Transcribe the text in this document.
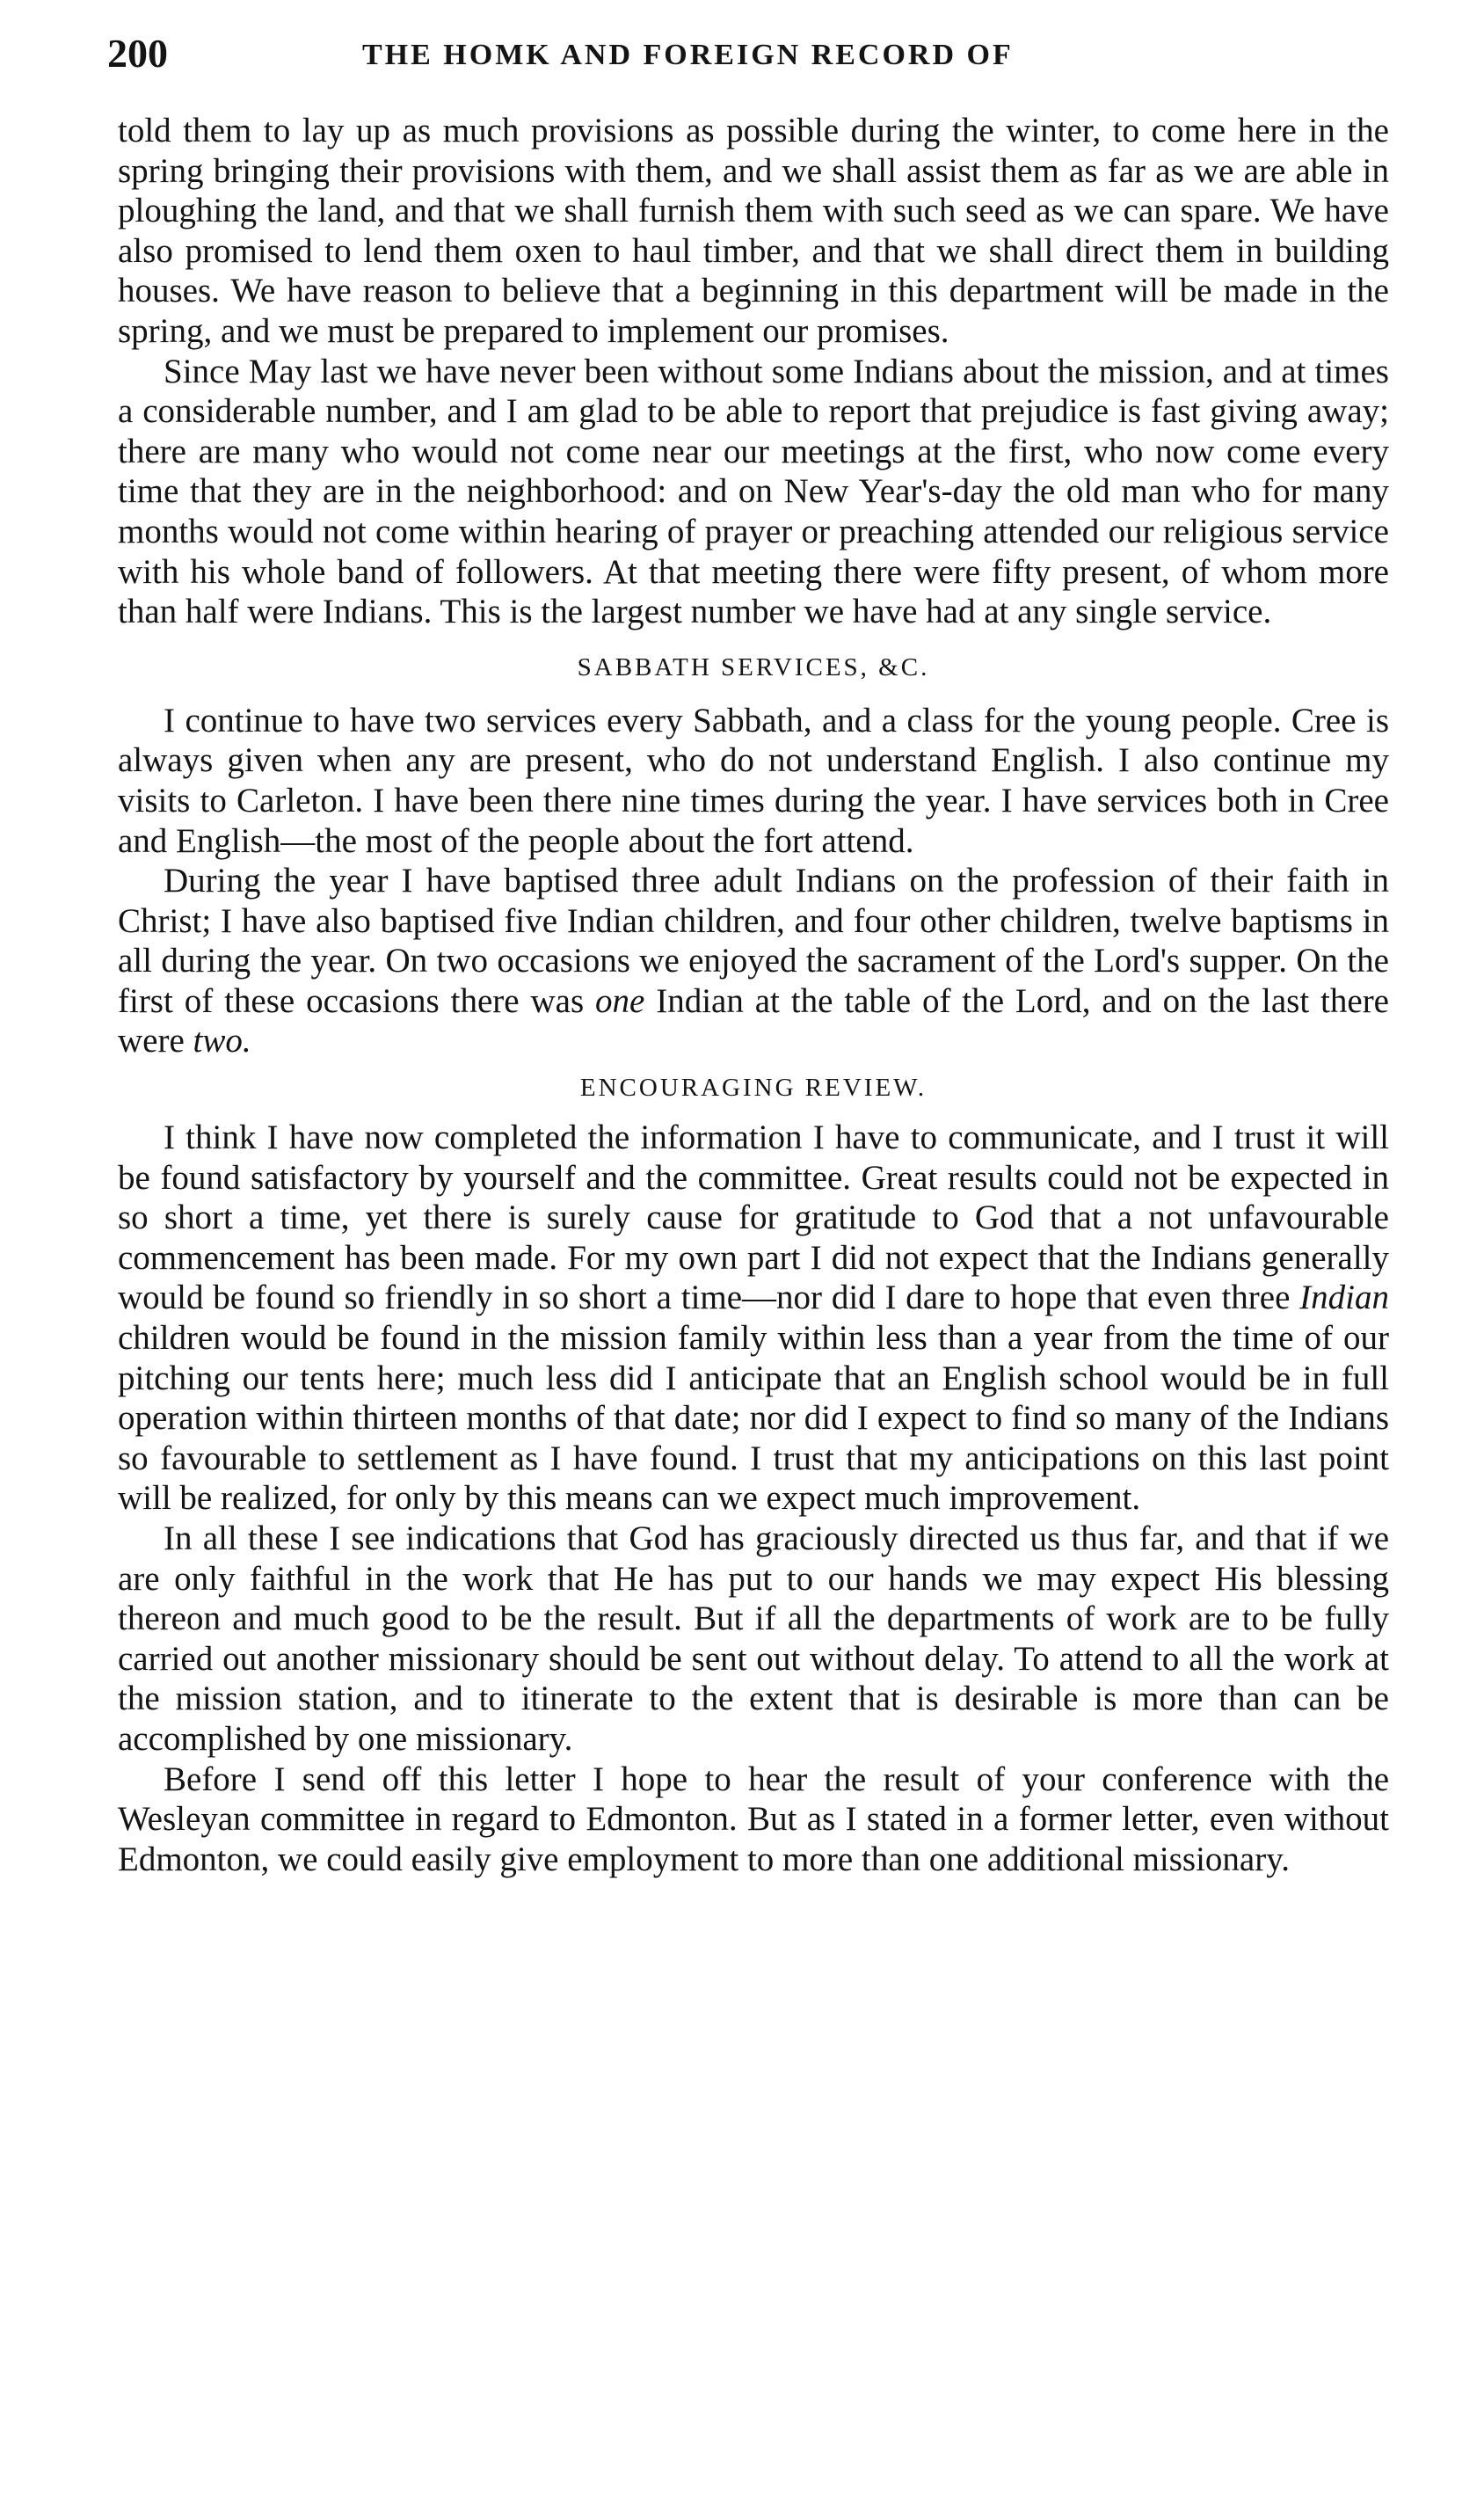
200	THE HOMK AND FOREIGN RECORD OF

told them to lay up as much provisions as possible during the winter, to come here in the spring bringing their provisions with them, and we shall assist them as far as we are able in ploughing the land, and that we shall furnish them with such seed as we can spare. We have also promised to lend them oxen to haul timber, and that we shall direct them in building houses. We have reason to believe that a beginning in this department will be made in the spring, and we must be prepared to implement our promises.

Since May last we have never been without some Indians about the mission, and at times a considerable number, and I am glad to be able to report that prejudice is fast giving away; there are many who would not come near our meetings at the first, who now come every time that they are in the neighborhood: and on New Year's-day the old man who for many months would not come within hearing of prayer or preaching attended our religious service with his whole band of followers. At that meeting there were fifty present, of whom more than half were Indians. This is the largest number we have had at any single service.

SABBATH SERVICES, &C.

I continue to have two services every Sabbath, and a class for the young people. Cree is always given when any are present, who do not understand English. I also continue my visits to Carleton. I have been there nine times during the year. I have services both in Cree and English—the most of the people about the fort attend.

During the year I have baptised three adult Indians on the profession of their faith in Christ; I have also baptised five Indian children, and four other children, twelve baptisms in all during the year. On two occasions we enjoyed the sacrament of the Lord's supper. On the first of these occasions there was one Indian at the table of the Lord, and on the last there were two.

ENCOURAGING REVIEW.

I think I have now completed the information I have to communicate, and I trust it will be found satisfactory by yourself and the committee. Great results could not be expected in so short a time, yet there is surely cause for gratitude to God that a not unfavourable commencement has been made. For my own part I did not expect that the Indians generally would be found so friendly in so short a time—nor did I dare to hope that even three Indian children would be found in the mission family within less than a year from the time of our pitching our tents here; much less did I anticipate that an English school would be in full operation within thirteen months of that date; nor did I expect to find so many of the Indians so favourable to settlement as I have found. I trust that my anticipations on this last point will be realized, for only by this means can we expect much improvement.

In all these I see indications that God has graciously directed us thus far, and that if we are only faithful in the work that He has put to our hands we may expect His blessing thereon and much good to be the result. But if all the departments of work are to be fully carried out another missionary should be sent out without delay. To attend to all the work at the mission station, and to itinerate to the extent that is desirable is more than can be accomplished by one missionary.

Before I send off this letter I hope to hear the result of your conference with the Wesleyan committee in regard to Edmonton. But as I stated in a former letter, even without Edmonton, we could easily give employment to more than one additional missionary.
